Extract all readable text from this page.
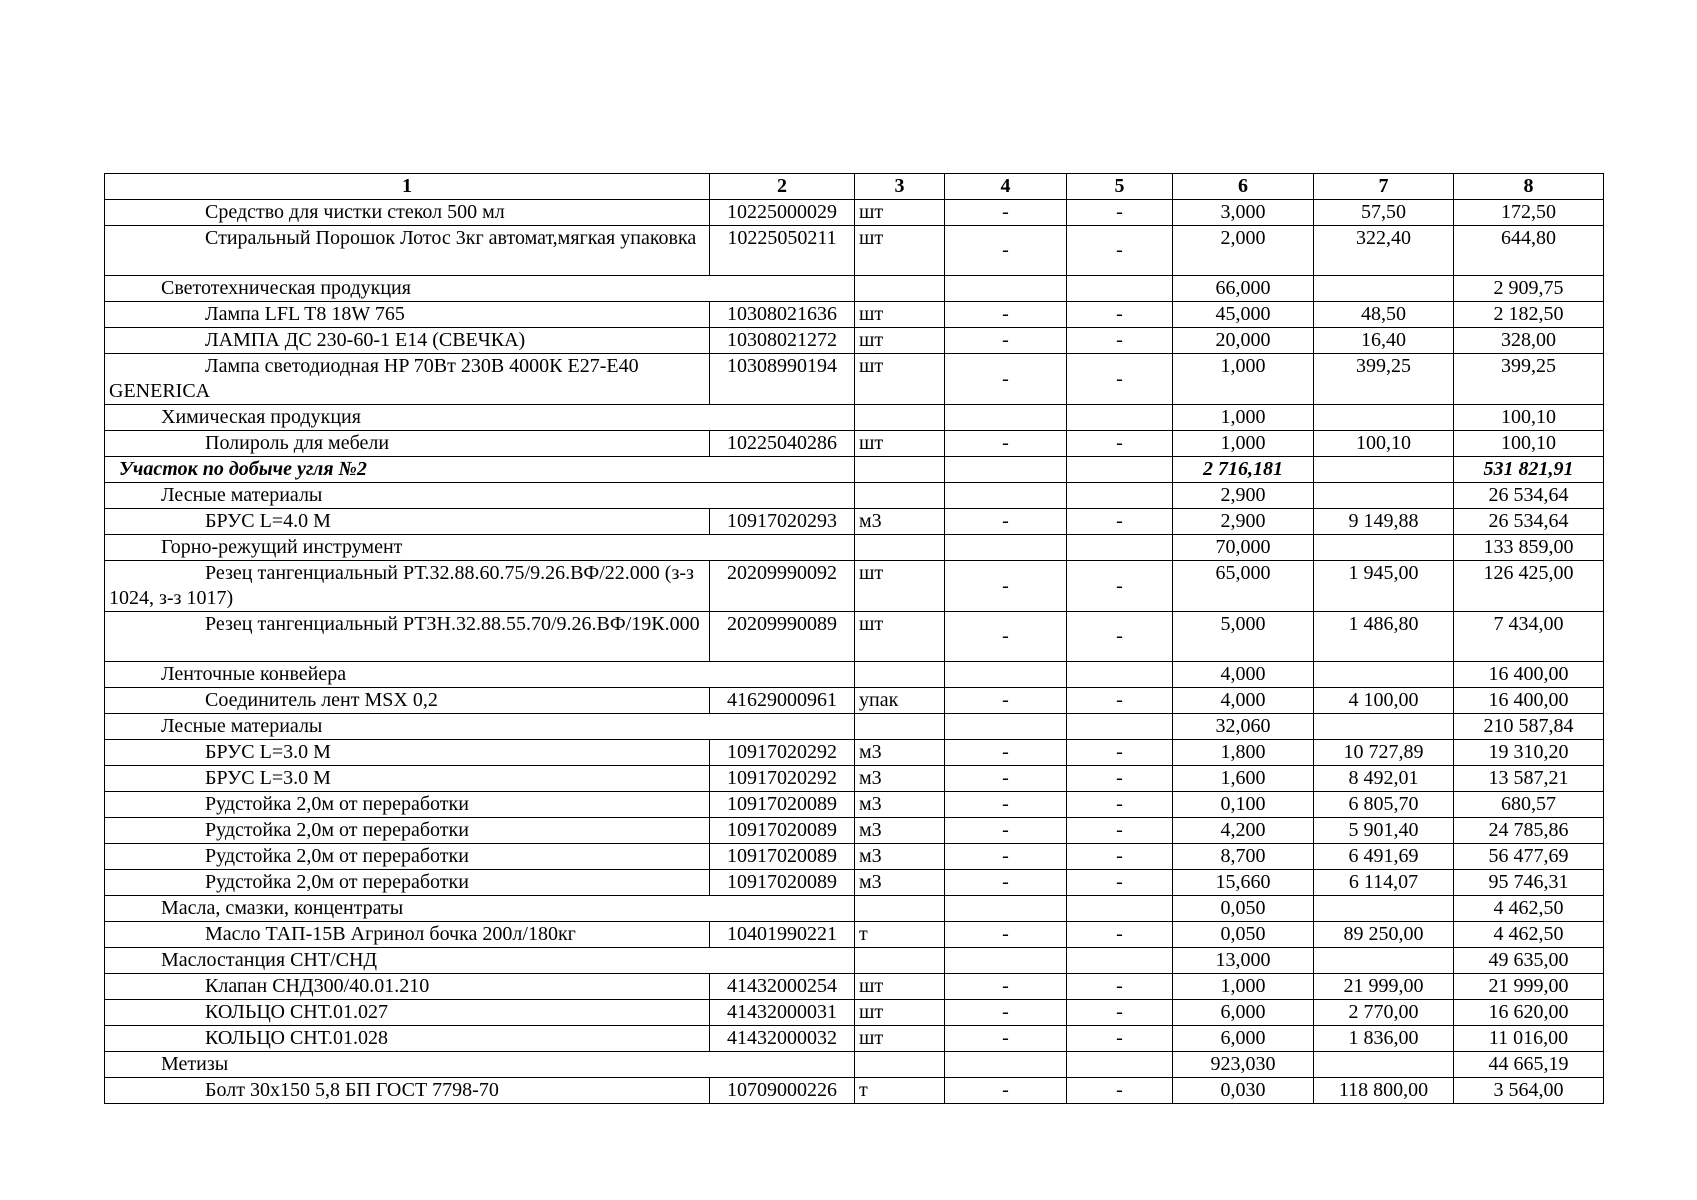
1	2	3	4	5	6	7	8
Средство для чистки стекол 500 мл	10225000029	шт	-	-	3,000	57,50	172,50
Стиральный Порошок Лотос 3кг автомат,мягкая упаковка	10225050211	шт	-	-	2,000	322,40	644,80
Светотехническая продукция					66,000		2 909,75
Лампа LFL T8 18W 765	10308021636	шт	-	-	45,000	48,50	2 182,50
ЛАМПА ДС 230-60-1 Е14 (СВЕЧКА)	10308021272	шт	-	-	20,000	16,40	328,00
Лампа светодиодная HP 70Вт 230В 4000К E27-E40 GENERICA	10308990194	шт	-	-	1,000	399,25	399,25
Химическая продукция					1,000		100,10
Полироль для мебели	10225040286	шт	-	-	1,000	100,10	100,10
Участок по добыче угля №2					2 716,181		531 821,91
Лесные материалы					2,900		26 534,64
БРУС L=4.0 М	10917020293	м3	-	-	2,900	9 149,88	26 534,64
Горно-режущий инструмент					70,000		133 859,00
Резец тангенциальный РТ.32.88.60.75/9.26.ВФ/22.000 (з-з 1024, з-з 1017)	20209990092	шт	-	-	65,000	1 945,00	126 425,00
Резец тангенциальный РТЗН.32.88.55.70/9.26.ВФ/19К.000	20209990089	шт	-	-	5,000	1 486,80	7 434,00
Ленточные конвейера					4,000		16 400,00
Соединитель лент MSX 0,2	41629000961	упак	-	-	4,000	4 100,00	16 400,00
Лесные материалы					32,060		210 587,84
БРУС L=3.0 М	10917020292	м3	-	-	1,800	10 727,89	19 310,20
БРУС L=3.0 М	10917020292	м3	-	-	1,600	8 492,01	13 587,21
Рудстойка 2,0м от переработки	10917020089	м3	-	-	0,100	6 805,70	680,57
Рудстойка 2,0м от переработки	10917020089	м3	-	-	4,200	5 901,40	24 785,86
Рудстойка 2,0м от переработки	10917020089	м3	-	-	8,700	6 491,69	56 477,69
Рудстойка 2,0м от переработки	10917020089	м3	-	-	15,660	6 114,07	95 746,31
Масла, смазки, концентраты					0,050		4 462,50
Масло ТАП-15В Агринол бочка 200л/180кг	10401990221	т	-	-	0,050	89 250,00	4 462,50
Маслостанция СНТ/СНД					13,000		49 635,00
Клапан СНД300/40.01.210	41432000254	шт	-	-	1,000	21 999,00	21 999,00
КОЛЬЦО СНТ.01.027	41432000031	шт	-	-	6,000	2 770,00	16 620,00
КОЛЬЦО СНТ.01.028	41432000032	шт	-	-	6,000	1 836,00	11 016,00
Метизы					923,030		44 665,19
Болт 30x150 5,8 БП ГОСТ 7798-70	10709000226	т	-	-	0,030	118 800,00	3 564,00
